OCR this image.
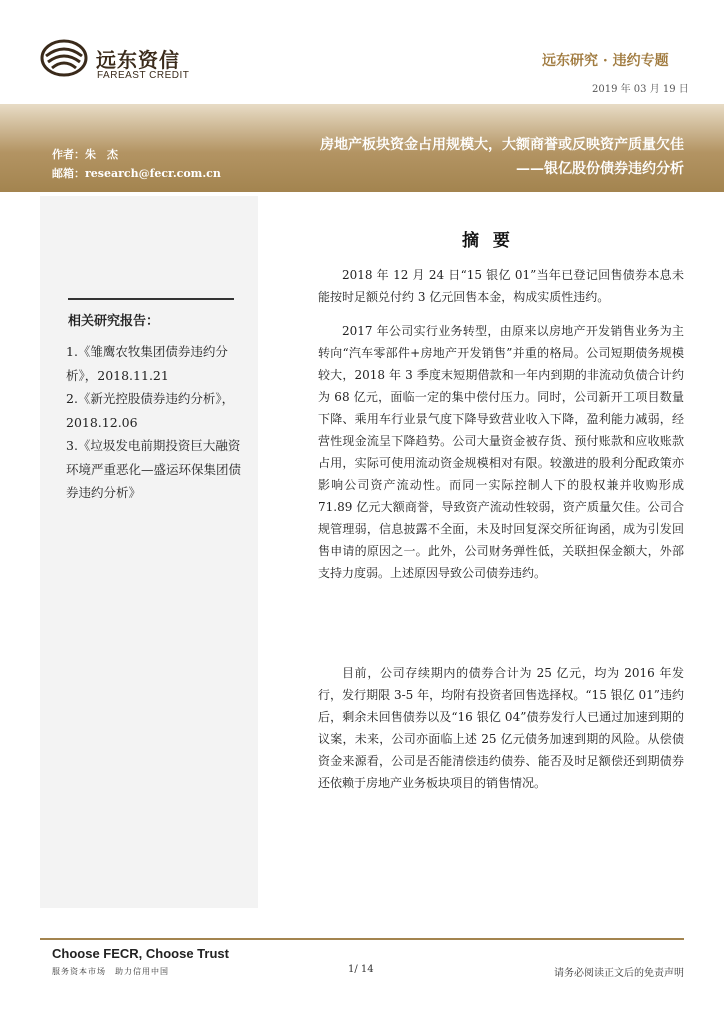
远东资信
FAREAST CREDIT
远东研究 · 违约专题
2019 年 03 月 19 日
作者：朱　杰
邮箱：research@fecr.com.cn
房地产板块资金占用规模大，大额商誉或反映资产质量欠佳
——银亿股份债券违约分析
相关研究报告：
1.《雏鹰农牧集团债券违约分析》，2018.11.21
2.《新光控股债券违约分析》，2018.12.06
3.《垃圾发电前期投资巨大融资环境严重恶化—盛运环保集团债券违约分析》
摘 要

2018 年 12 月 24 日“15 银亿 01”当年已登记回售债券本息未能按时足额兑付约 3 亿元回售本金，构成实质性违约。

2017 年公司实行业务转型，由原来以房地产开发销售业务为主转向“汽车零部件+房地产开发销售”并重的格局。公司短期债务规模较大，2018 年 3 季度末短期借款和一年内到期的非流动负债合计约为 68 亿元，面临一定的集中偿付压力。同时，公司新开工项目数量下降、乘用车行业景气度下降导致营业收入下降，盈利能力减弱，经营性现金流呈下降趋势。公司大量资金被存货、预付账款和应收账款占用，实际可使用流动资金规模相对有限。较激进的股利分配政策亦影响公司资产流动性。而同一实际控制人下的股权兼并收购形成 71.89 亿元大额商誉，导致资产流动性较弱，资产质量欠佳。公司合规管理弱，信息披露不全面，未及时回复深交所征询函，成为引发回售申请的原因之一。此外，公司财务弹性低，关联担保金额大，外部支持力度弱。上述原因导致公司债券违约。

目前，公司存续期内的债券合计为 25 亿元，均为 2016 年发行，发行期限 3-5 年，均附有投资者回售选择权。“15 银亿 01”违约后，剩余未回售债券以及“16 银亿 04”债券发行人已通过加速到期的议案，未来，公司亦面临上述 25 亿元债务加速到期的风险。从偿债资金来源看，公司是否能清偿违约债券、能否及时足额偿还到期债券还依赖于房地产业务板块项目的销售情况。

Choose FECR, Choose Trust
服务资本市场　助力信用中国	1/ 14	请务必阅读正文后的免责声明
